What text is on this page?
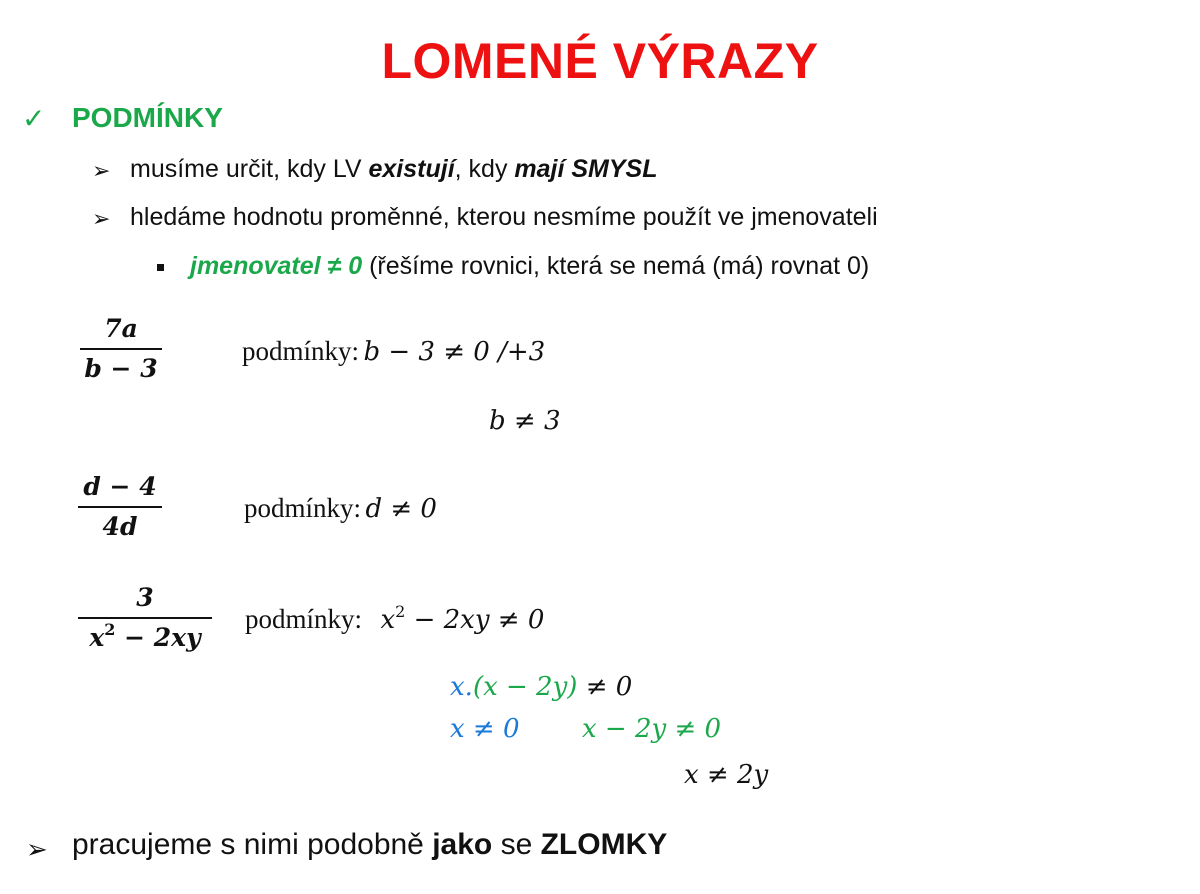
LOMENÉ VÝRAZY
✓ PODMÍNKY
➢ musíme určit, kdy LV existují, kdy mají SMYSL
➢ hledáme hodnotu proměnné, kterou nesmíme použít ve jmenovateli
jmenovatel ≠ 0 (řešíme rovnici, která se nemá (má) rovnat 0)
7a
b − 3
podmínky: b − 3 ≠ 0 /+3
b ≠ 3
d − 4
4d
podmínky: d ≠ 0
3
$x^2 - 2xy$
podmínky: $x^2 - 2xy \ne 0$
x.(x − 2y) ≠ 0
x ≠ 0 x − 2y ≠ 0
x ≠ 2y
➢ pracujeme s nimi podobně jako se ZLOMKY
